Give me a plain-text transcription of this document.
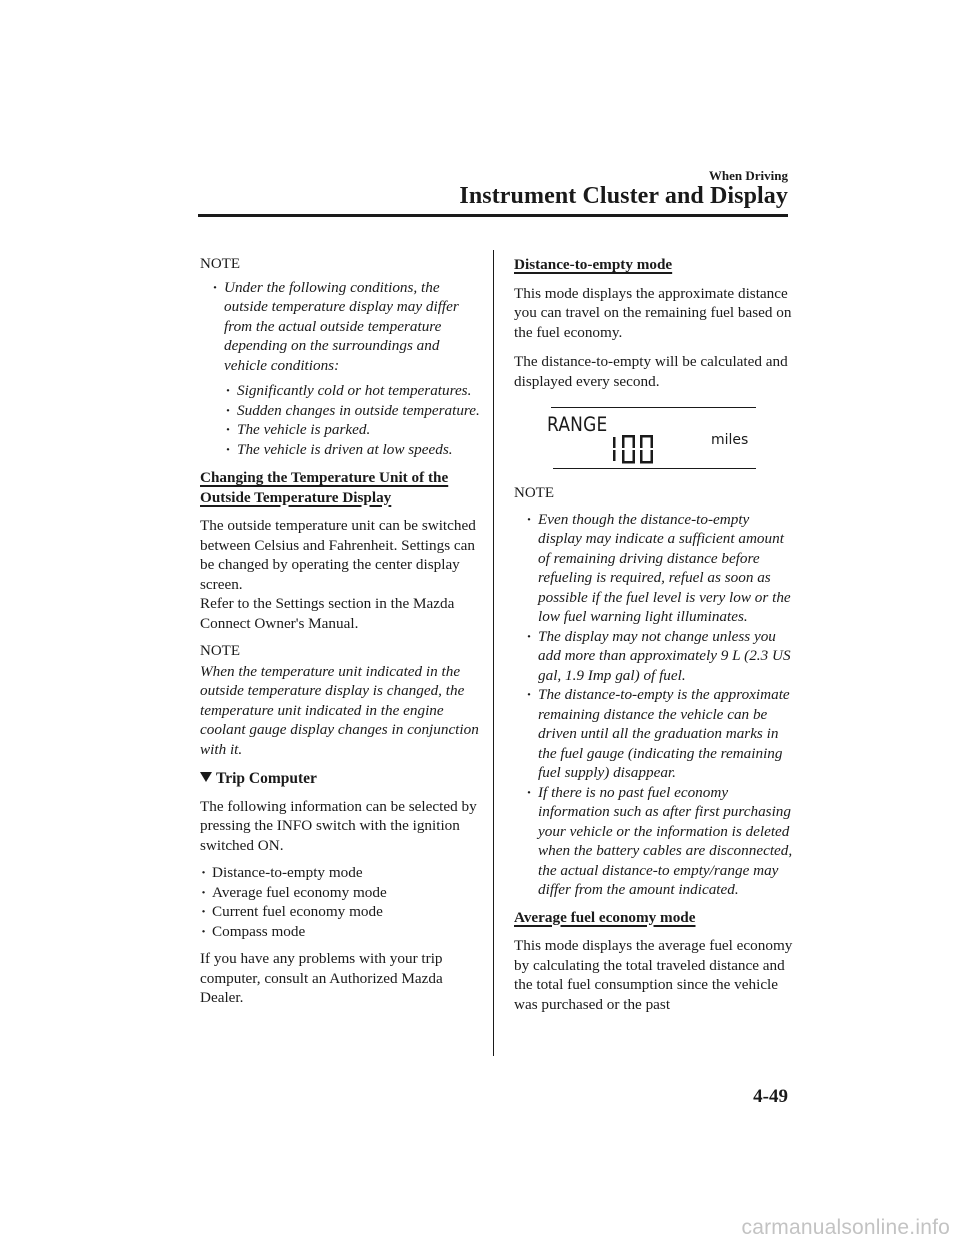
When Driving
Instrument Cluster and Display
NOTE
· Under the following conditions, the outside temperature display may differ from the actual outside temperature depending on the surroundings and vehicle conditions:
· Significantly cold or hot temperatures.
· Sudden changes in outside temperature.
· The vehicle is parked.
· The vehicle is driven at low speeds.
Changing the Temperature Unit of the
Outside Temperature Display
The outside temperature unit can be switched between Celsius and Fahrenheit. Settings can be changed by operating the center display screen.
Refer to the Settings section in the Mazda Connect Owner's Manual.
NOTE
When the temperature unit indicated in the outside temperature display is changed, the temperature unit indicated in the engine coolant gauge display changes in conjunction with it.
Trip Computer
The following information can be selected by pressing the INFO switch with the ignition switched ON.
· Distance-to-empty mode
· Average fuel economy mode
· Current fuel economy mode
· Compass mode
If you have any problems with your trip computer, consult an Authorized Mazda Dealer.
Distance-to-empty mode
This mode displays the approximate distance you can travel on the remaining fuel based on the fuel economy.
The distance-to-empty will be calculated and displayed every second.
RANGE
miles
NOTE
· Even though the distance-to-empty display may indicate a sufficient amount of remaining driving distance before refueling is required, refuel as soon as possible if the fuel level is very low or the low fuel warning light illuminates.
· The display may not change unless you add more than approximately 9 L (2.3 US gal, 1.9 Imp gal) of fuel.
· The distance-to-empty is the approximate remaining distance the vehicle can be driven until all the graduation marks in the fuel gauge (indicating the remaining fuel supply) disappear.
· If there is no past fuel economy information such as after first purchasing your vehicle or the information is deleted when the battery cables are disconnected, the actual distance-to empty/range may differ from the amount indicated.
Average fuel economy mode
This mode displays the average fuel economy by calculating the total traveled distance and the total fuel consumption since the vehicle was purchased or the past
4-49
carmanualsonline.info
